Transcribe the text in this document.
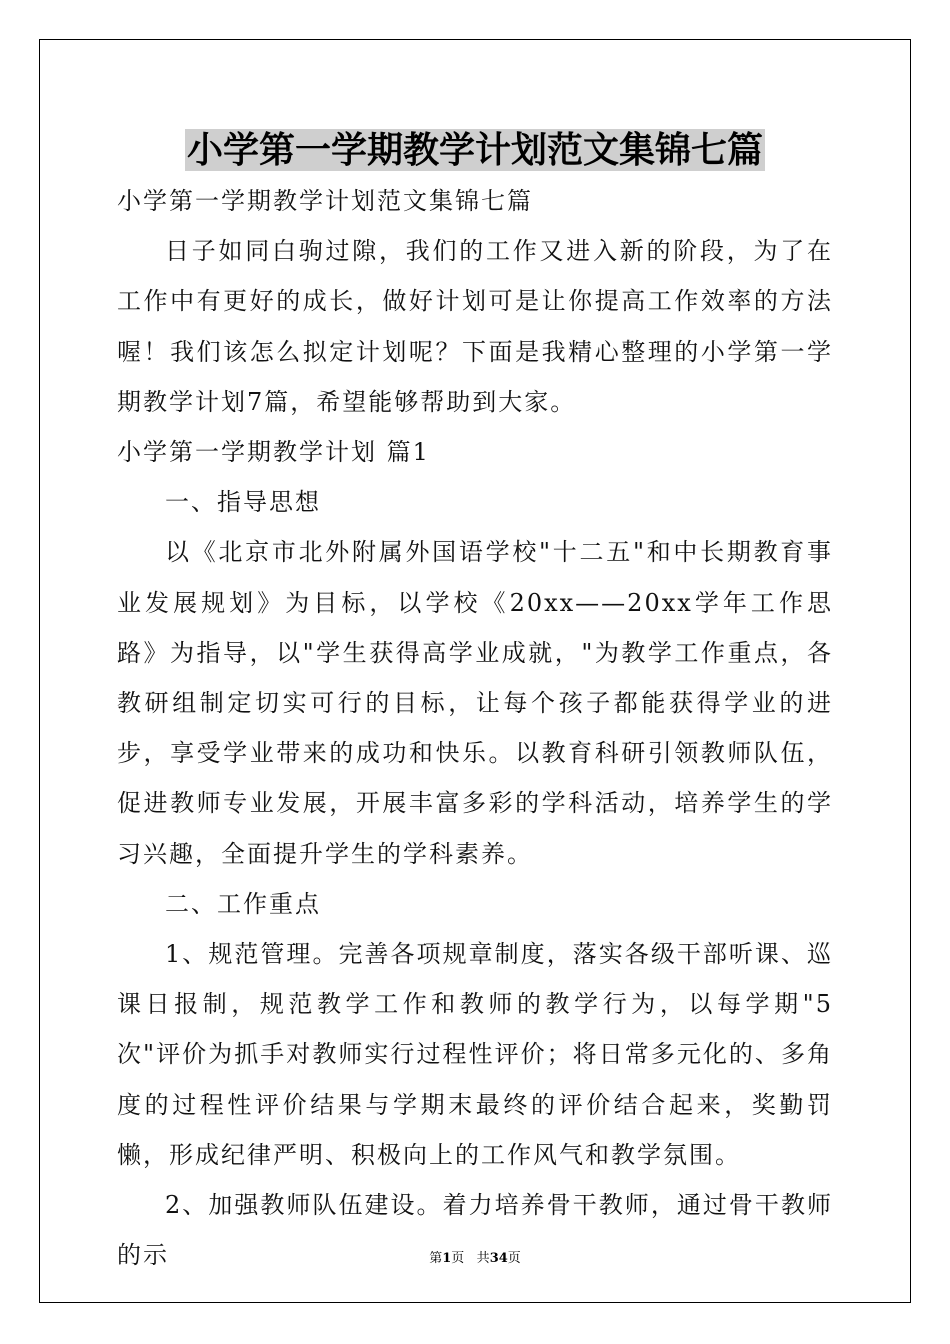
小学第一学期教学计划范文集锦七篇

小学第一学期教学计划范文集锦七篇

日子如同白驹过隙，我们的工作又进入新的阶段，为了在工作中有更好的成长，做好计划可是让你提高工作效率的方法喔！我们该怎么拟定计划呢？下面是我精心整理的小学第一学期教学计划7篇，希望能够帮助到大家。

小学第一学期教学计划 篇1

一、指导思想

以《北京市北外附属外国语学校"十二五"和中长期教育事业发展规划》为目标，以学校《20xx——20xx学年工作思路》为指导，以"学生获得高学业成就，"为教学工作重点，各教研组制定切实可行的目标，让每个孩子都能获得学业的进步，享受学业带来的成功和快乐。以教育科研引领教师队伍，促进教师专业发展，开展丰富多彩的学科活动，培养学生的学习兴趣，全面提升学生的学科素养。

二、工作重点

1、规范管理。完善各项规章制度，落实各级干部听课、巡课日报制，规范教学工作和教师的教学行为，以每学期"5次"评价为抓手对教师实行过程性评价；将日常多元化的、多角度的过程性评价结果与学期末最终的评价结合起来，奖勤罚懒，形成纪律严明、积极向上的工作风气和教学氛围。

2、加强教师队伍建设。着力培养骨干教师，通过骨干教师的示	第1页 共34页
